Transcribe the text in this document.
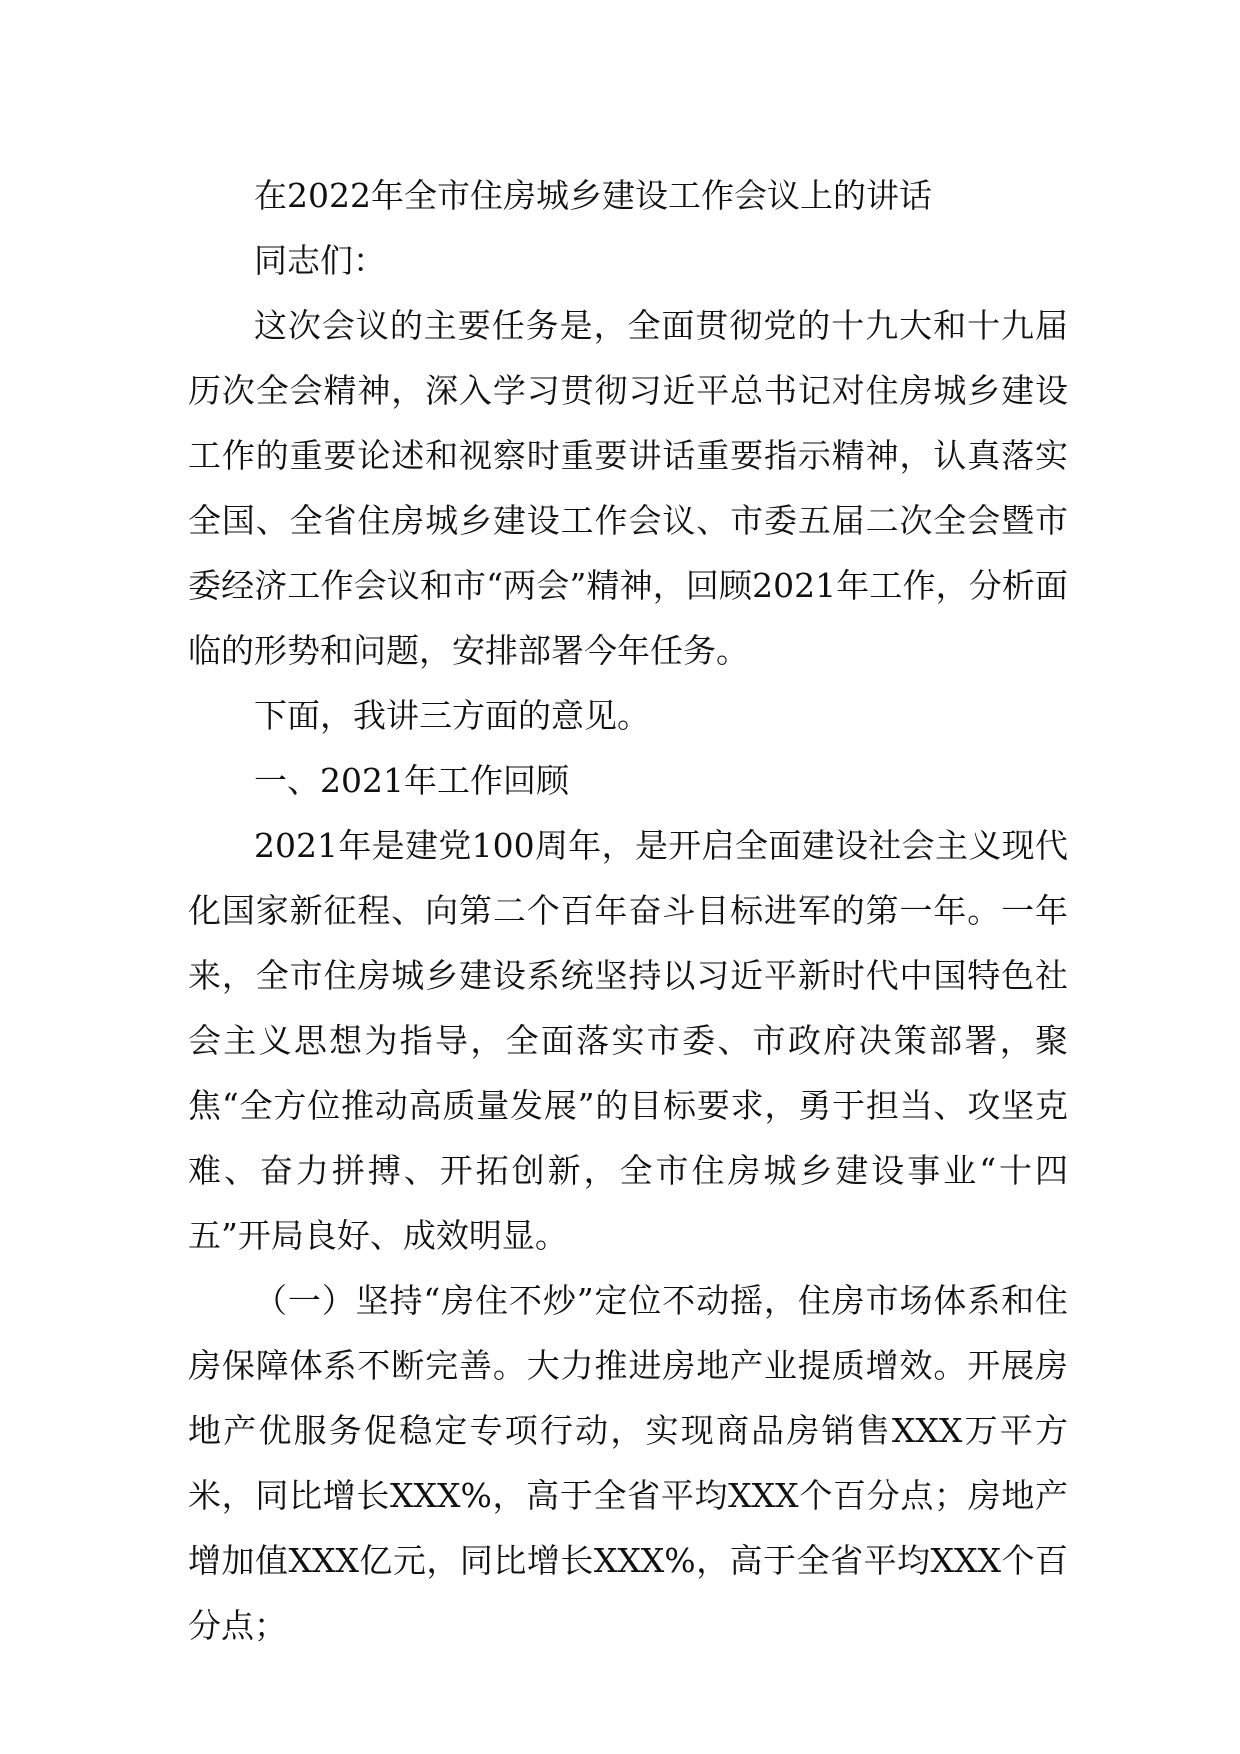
在2022年全市住房城乡建设工作会议上的讲话

同志们：

这次会议的主要任务是，全面贯彻党的十九大和十九届历次全会精神，深入学习贯彻习近平总书记对住房城乡建设工作的重要论述和视察时重要讲话重要指示精神，认真落实全国、全省住房城乡建设工作会议、市委五届二次全会暨市委经济工作会议和市“两会”精神，回顾2021年工作，分析面临的形势和问题，安排部署今年任务。

下面，我讲三方面的意见。

一、2021年工作回顾

2021年是建党100周年，是开启全面建设社会主义现代化国家新征程、向第二个百年奋斗目标进军的第一年。一年来，全市住房城乡建设系统坚持以习近平新时代中国特色社会主义思想为指导，全面落实市委、市政府决策部署，聚焦“全方位推动高质量发展”的目标要求，勇于担当、攻坚克难、奋力拼搏、开拓创新，全市住房城乡建设事业“十四五”开局良好、成效明显。

（一）坚持“房住不炒”定位不动摇，住房市场体系和住房保障体系不断完善。大力推进房地产业提质增效。开展房地产优服务促稳定专项行动，实现商品房销售XXX万平方米，同比增长XXX%，高于全省平均XXX个百分点；房地产增加值XXX亿元，同比增长XXX%，高于全省平均XXX个百分点；
